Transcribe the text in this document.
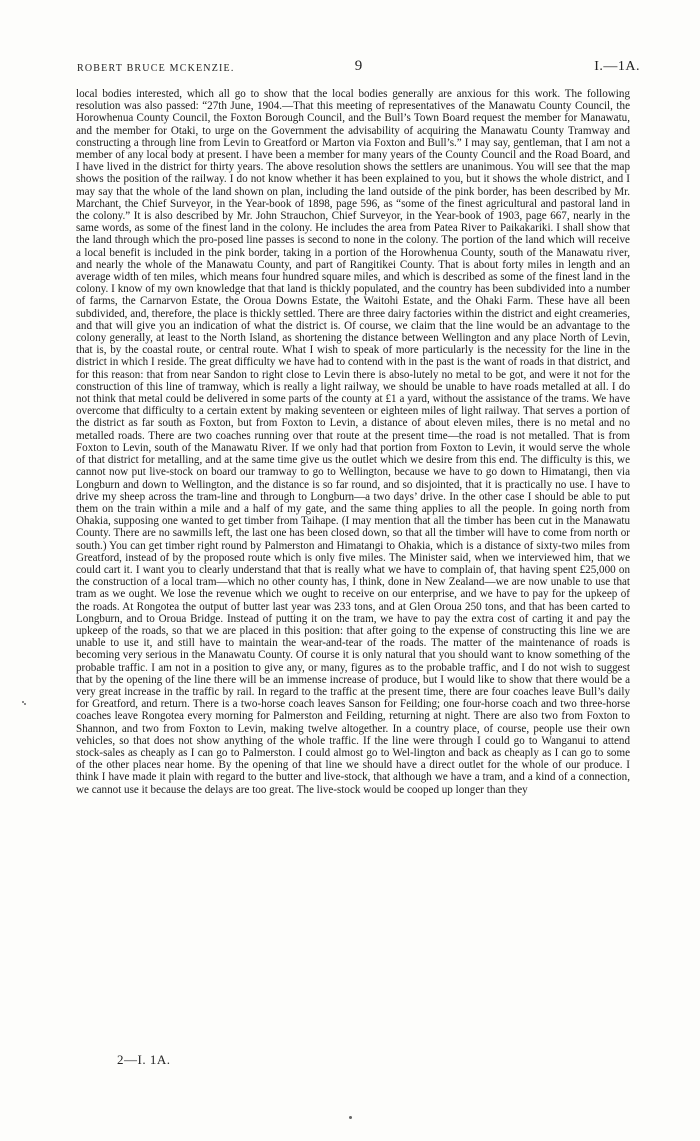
ROBERT BRUCE MCKENZIE.	9	I.—1A.
local bodies interested, which all go to show that the local bodies generally are anxious for this work. The following resolution was also passed: “27th June, 1904.—That this meeting of representatives of the Manawatu County Council, the Horowhenua County Council, the Foxton Borough Council, and the Bull’s Town Board request the member for Manawatu, and the member for Otaki, to urge on the Government the advisability of acquiring the Manawatu County Tramway and constructing a through line from Levin to Greatford or Marton via Foxton and Bull’s.” I may say, gentleman, that I am not a member of any local body at present. I have been a member for many years of the County Council and the Road Board, and I have lived in the district for thirty years. The above resolution shows the settlers are unanimous. You will see that the map shows the position of the railway. I do not know whether it has been explained to you, but it shows the whole district, and I may say that the whole of the land shown on plan, including the land outside of the pink border, has been described by Mr. Marchant, the Chief Surveyor, in the Year-book of 1898, page 596, as “some of the finest agricultural and pastoral land in the colony.” It is also described by Mr. John Strauchon, Chief Surveyor, in the Year-book of 1903, page 667, nearly in the same words, as some of the finest land in the colony. He includes the area from Patea River to Paikakariki. I shall show that the land through which the pro-posed line passes is second to none in the colony. The portion of the land which will receive a local benefit is included in the pink border, taking in a portion of the Horowhenua County, south of the Manawatu river, and nearly the whole of the Manawatu County, and part of Rangitikei County. That is about forty miles in length and an average width of ten miles, which means four hundred square miles, and which is described as some of the finest land in the colony. I know of my own knowledge that that land is thickly populated, and the country has been subdivided into a number of farms, the Carnarvon Estate, the Oroua Downs Estate, the Waitohi Estate, and the Ohaki Farm. These have all been subdivided, and, therefore, the place is thickly settled. There are three dairy factories within the district and eight creameries, and that will give you an indication of what the district is. Of course, we claim that the line would be an advantage to the colony generally, at least to the North Island, as shortening the distance between Wellington and any place North of Levin, that is, by the coastal route, or central route. What I wish to speak of more particularly is the necessity for the line in the district in which I reside. The great difficulty we have had to contend with in the past is the want of roads in that district, and for this reason: that from near Sandon to right close to Levin there is abso-lutely no metal to be got, and were it not for the construction of this line of tramway, which is really a light railway, we should be unable to have roads metalled at all. I do not think that metal could be delivered in some parts of the county at £1 a yard, without the assistance of the trams. We have overcome that difficulty to a certain extent by making seventeen or eighteen miles of light railway. That serves a portion of the district as far south as Foxton, but from Foxton to Levin, a distance of about eleven miles, there is no metal and no metalled roads. There are two coaches running over that route at the present time—the road is not metalled. That is from Foxton to Levin, south of the Manawatu River. If we only had that portion from Foxton to Levin, it would serve the whole of that district for metalling, and at the same time give us the outlet which we desire from this end. The difficulty is this, we cannot now put live-stock on board our tramway to go to Wellington, because we have to go down to Himatangi, then via Longburn and down to Wellington, and the distance is so far round, and so disjointed, that it is practically no use. I have to drive my sheep across the tram-line and through to Longburn—a two days’ drive. In the other case I should be able to put them on the train within a mile and a half of my gate, and the same thing applies to all the people. In going north from Ohakia, supposing one wanted to get timber from Taihape. (I may mention that all the timber has been cut in the Manawatu County. There are no sawmills left, the last one has been closed down, so that all the timber will have to come from north or south.) You can get timber right round by Palmerston and Himatangi to Ohakia, which is a distance of sixty-two miles from Greatford, instead of by the proposed route which is only five miles. The Minister said, when we interviewed him, that we could cart it. I want you to clearly understand that that is really what we have to complain of, that having spent £25,000 on the construction of a local tram—which no other county has, I think, done in New Zealand—we are now unable to use that tram as we ought. We lose the revenue which we ought to receive on our enterprise, and we have to pay for the upkeep of the roads. At Rongotea the output of butter last year was 233 tons, and at Glen Oroua 250 tons, and that has been carted to Longburn, and to Oroua Bridge. Instead of putting it on the tram, we have to pay the extra cost of carting it and pay the upkeep of the roads, so that we are placed in this position: that after going to the expense of constructing this line we are unable to use it, and still have to maintain the wear-and-tear of the roads. The matter of the maintenance of roads is becoming very serious in the Manawatu County. Of course it is only natural that you should want to know something of the probable traffic. I am not in a position to give any, or many, figures as to the probable traffic, and I do not wish to suggest that by the opening of the line there will be an immense increase of produce, but I would like to show that there would be a very great increase in the traffic by rail. In regard to the traffic at the present time, there are four coaches leave Bull’s daily for Greatford, and return. There is a two-horse coach leaves Sanson for Feilding; one four-horse coach and two three-horse coaches leave Rongotea every morning for Palmerston and Feilding, returning at night. There are also two from Foxton to Shannon, and two from Foxton to Levin, making twelve altogether. In a country place, of course, people use their own vehicles, so that does not show anything of the whole traffic. If the line were through I could go to Wanganui to attend stock-sales as cheaply as I can go to Palmerston. I could almost go to Wel-lington and back as cheaply as I can go to some of the other places near home. By the opening of that line we should have a direct outlet for the whole of our produce. I think I have made it plain with regard to the butter and live-stock, that although we have a tram, and a kind of a connection, we cannot use it because the delays are too great. The live-stock would be cooped up longer than they
2—I. 1A.
